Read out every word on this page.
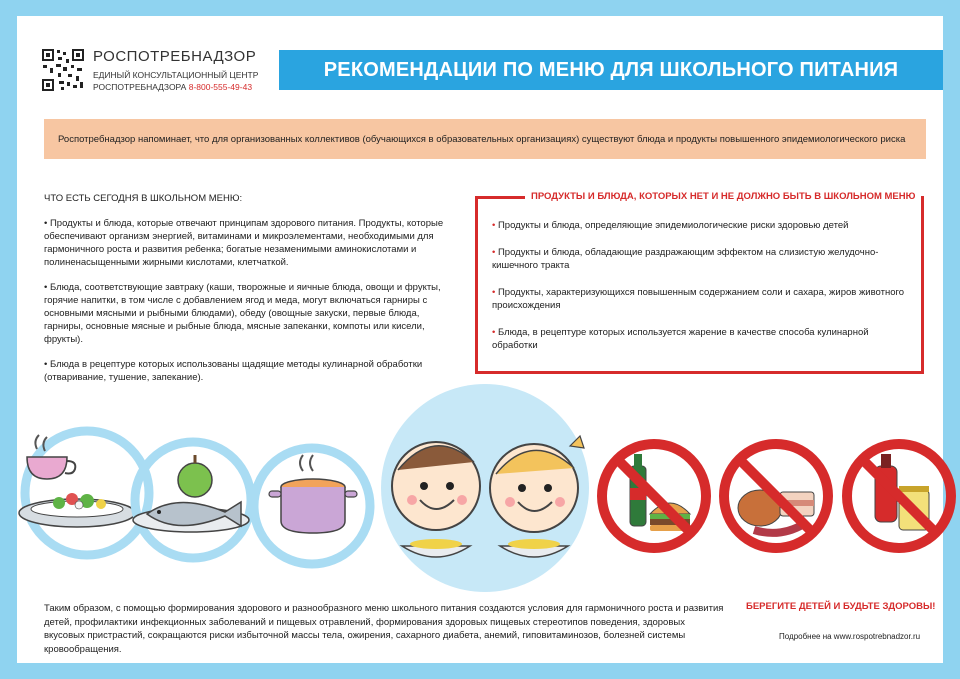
РОСПОТРЕБНАДЗОР
ЕДИНЫЙ КОНСУЛЬТАЦИОННЫЙ ЦЕНТР
РОСПОТРЕБНАДЗОРА 8-800-555-49-43
РЕКОМЕНДАЦИИ ПО МЕНЮ ДЛЯ ШКОЛЬНОГО ПИТАНИЯ
Роспотребнадзор напоминает, что для организованных коллективов (обучающихся в образовательных организациях) существуют блюда и продукты повышенного эпидемиологического риска
ЧТО ЕСТЬ СЕГОДНЯ В ШКОЛЬНОМ МЕНЮ:

• Продукты и блюда, которые отвечают принципам здорового питания. Продукты, которые обеспечивают организм энергией, витаминами и микроэлементами, необходимыми для гармоничного роста и развития ребенка; богатые незаменимыми аминокислотами и полиненасыщенными жирными кислотами, клетчаткой.

• Блюда, соответствующие завтраку (каши, творожные и яичные блюда, овощи и фрукты, горячие напитки, в том числе с добавлением ягод и меда, могут включаться гарниры с основными мясными и рыбными блюдами), обеду (овощные закуски, первые блюда, гарниры, основные мясные и рыбные блюда, мясные запеканки, компоты или кисели, фрукты).

• Блюда в рецептуре которых использованы щадящие методы кулинарной обработки (отваривание, тушение, запекание).

ПРОДУКТЫ И БЛЮДА, КОТОРЫХ НЕТ И НЕ ДОЛЖНО БЫТЬ В ШКОЛЬНОМ МЕНЮ

• Продукты и блюда, определяющие эпидемиологические риски здоровью детей

• Продукты и блюда, обладающие раздражающим эффектом на слизистую желудочно-кишечного тракта

• Продукты, характеризующихся повышенным содержанием соли и сахара, жиров животного происхождения

• Блюда, в рецептуре которых используется жарение в качестве способа кулинарной обработки

Таким образом, с помощью формирования здорового и разнообразного меню школьного питания создаются условия для гармоничного роста и развития детей, профилактики инфекционных заболеваний и пищевых отравлений, формирования здоровых пищевых стереотипов поведения, здоровых вкусовых пристрастий, сокращаются риски избыточной массы тела, ожирения, сахарного диабета, анемий, гиповитаминозов, болезней системы кровообращения.
БЕРЕГИТЕ ДЕТЕЙ И БУДЬТЕ ЗДОРОВЫ!
Подробнее на www.rospotrebnadzor.ru
